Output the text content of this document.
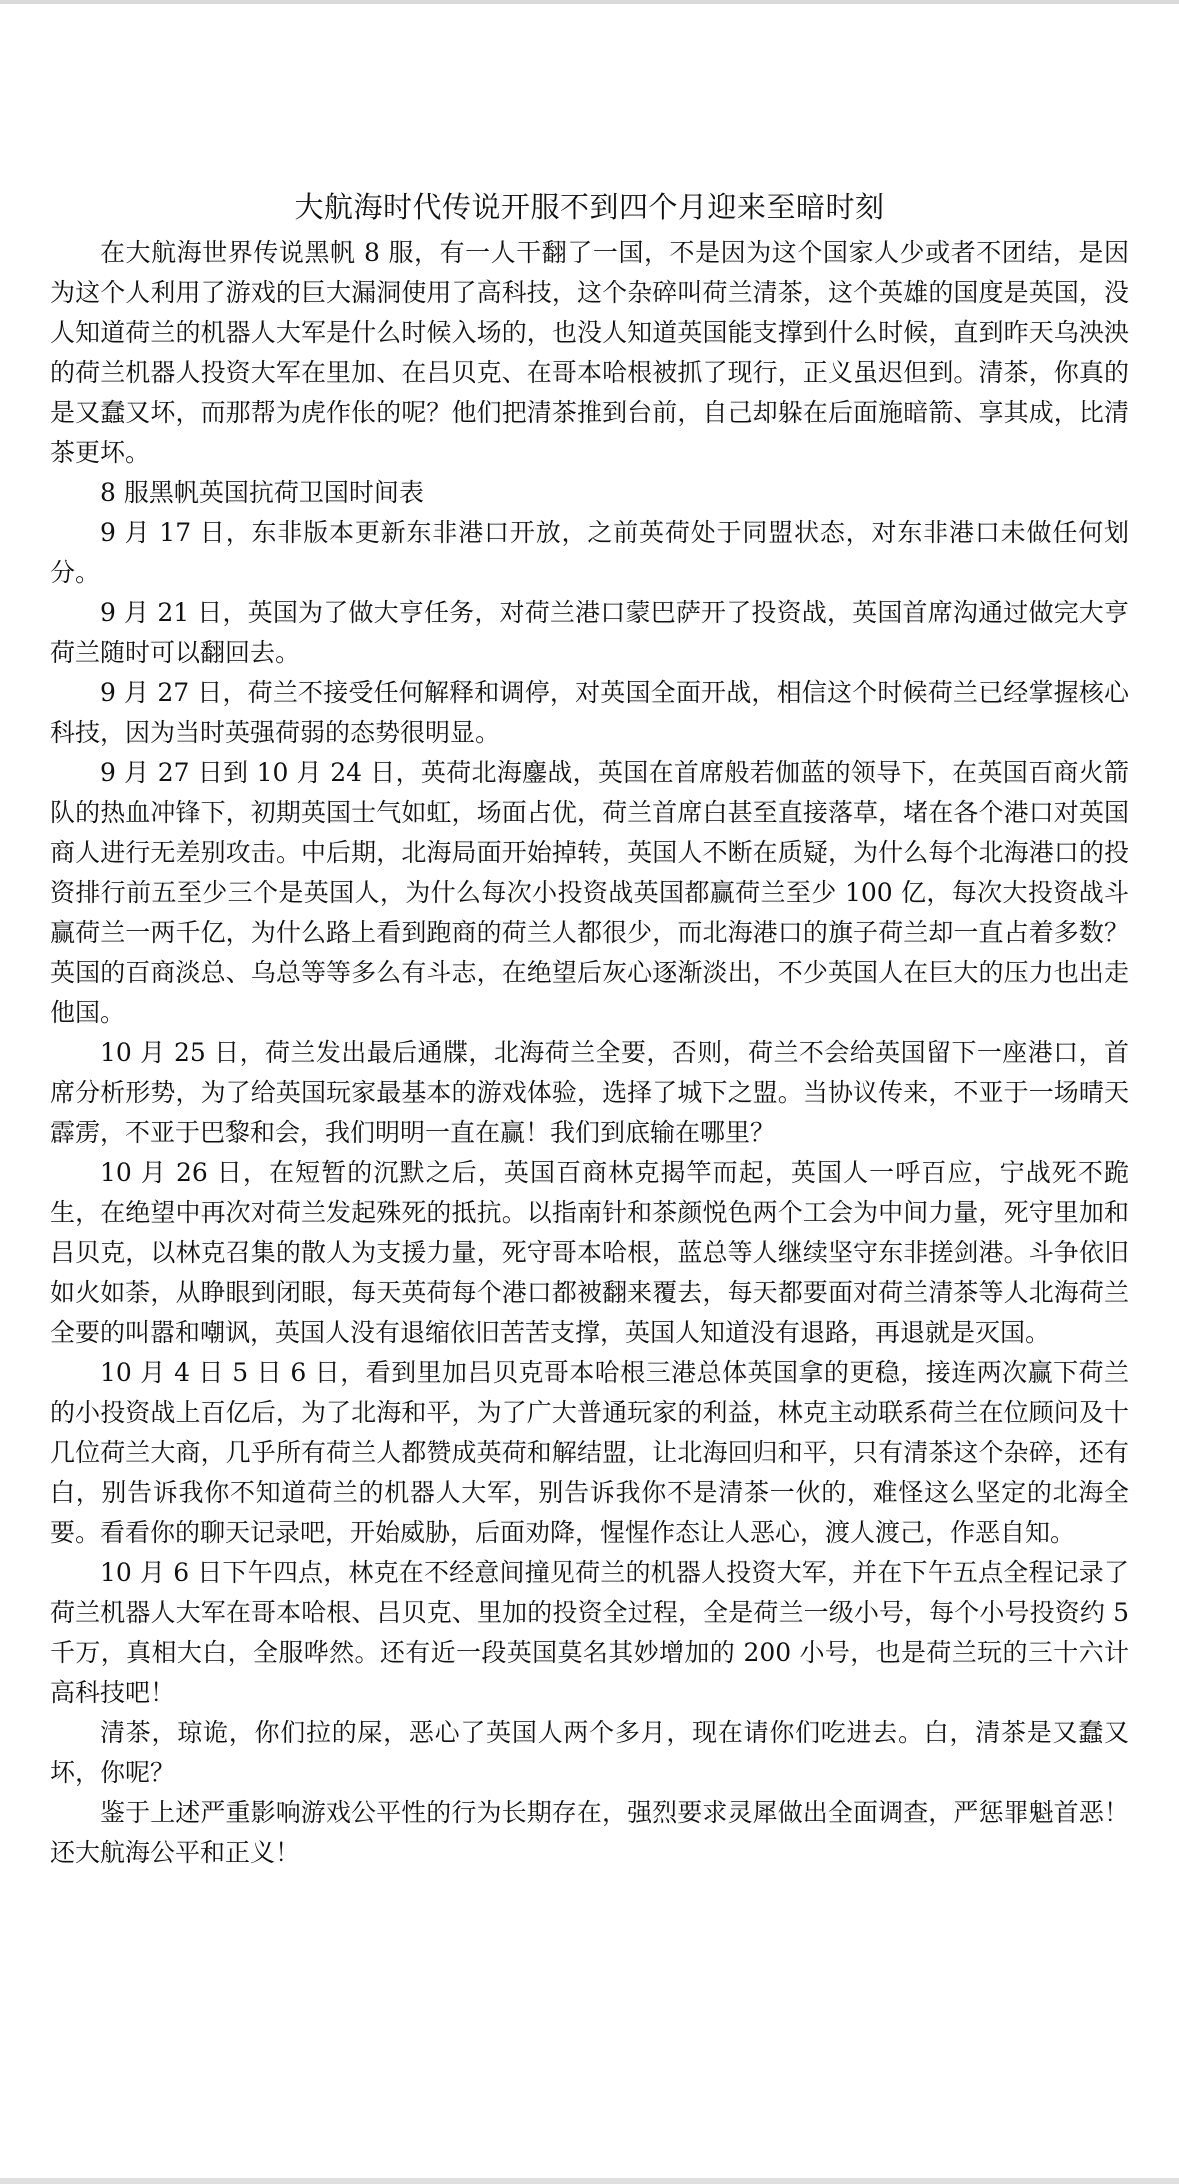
大航海时代传说开服不到四个月迎来至暗时刻

在大航海世界传说黑帆 8 服，有一人干翻了一国，不是因为这个国家人少或者不团结，是因为这个人利用了游戏的巨大漏洞使用了高科技，这个杂碎叫荷兰清茶，这个英雄的国度是英国，没人知道荷兰的机器人大军是什么时候入场的，也没人知道英国能支撑到什么时候，直到昨天乌泱泱的荷兰机器人投资大军在里加、在吕贝克、在哥本哈根被抓了现行，正义虽迟但到。清茶，你真的是又蠢又坏，而那帮为虎作伥的呢？他们把清茶推到台前，自己却躲在后面施暗箭、享其成，比清茶更坏。

8 服黑帆英国抗荷卫国时间表

9 月 17 日，东非版本更新东非港口开放，之前英荷处于同盟状态，对东非港口未做任何划分。

9 月 21 日，英国为了做大亨任务，对荷兰港口蒙巴萨开了投资战，英国首席沟通过做完大亨荷兰随时可以翻回去。

9 月 27 日，荷兰不接受任何解释和调停，对英国全面开战，相信这个时候荷兰已经掌握核心科技，因为当时英强荷弱的态势很明显。

9 月 27 日到 10 月 24 日，英荷北海鏖战，英国在首席般若伽蓝的领导下，在英国百商火箭队的热血冲锋下，初期英国士气如虹，场面占优，荷兰首席白甚至直接落草，堵在各个港口对英国商人进行无差别攻击。中后期，北海局面开始掉转，英国人不断在质疑，为什么每个北海港口的投资排行前五至少三个是英国人，为什么每次小投资战英国都赢荷兰至少 100 亿，每次大投资战斗赢荷兰一两千亿，为什么路上看到跑商的荷兰人都很少，而北海港口的旗子荷兰却一直占着多数？英国的百商淡总、乌总等等多么有斗志，在绝望后灰心逐渐淡出，不少英国人在巨大的压力也出走他国。

10 月 25 日，荷兰发出最后通牒，北海荷兰全要，否则，荷兰不会给英国留下一座港口，首席分析形势，为了给英国玩家最基本的游戏体验，选择了城下之盟。当协议传来，不亚于一场晴天霹雳，不亚于巴黎和会，我们明明一直在赢！我们到底输在哪里？

10 月 26 日，在短暂的沉默之后，英国百商林克揭竿而起，英国人一呼百应，宁战死不跪生，在绝望中再次对荷兰发起殊死的抵抗。以指南针和茶颜悦色两个工会为中间力量，死守里加和吕贝克，以林克召集的散人为支援力量，死守哥本哈根，蓝总等人继续坚守东非搓剑港。斗争依旧如火如荼，从睁眼到闭眼，每天英荷每个港口都被翻来覆去，每天都要面对荷兰清茶等人北海荷兰全要的叫嚣和嘲讽，英国人没有退缩依旧苦苦支撑，英国人知道没有退路，再退就是灭国。

10 月 4 日 5 日 6 日，看到里加吕贝克哥本哈根三港总体英国拿的更稳，接连两次赢下荷兰的小投资战上百亿后，为了北海和平，为了广大普通玩家的利益，林克主动联系荷兰在位顾问及十几位荷兰大商，几乎所有荷兰人都赞成英荷和解结盟，让北海回归和平，只有清茶这个杂碎，还有白，别告诉我你不知道荷兰的机器人大军，别告诉我你不是清茶一伙的，难怪这么坚定的北海全要。看看你的聊天记录吧，开始威胁，后面劝降，惺惺作态让人恶心，渡人渡己，作恶自知。

10 月 6 日下午四点，林克在不经意间撞见荷兰的机器人投资大军，并在下午五点全程记录了荷兰机器人大军在哥本哈根、吕贝克、里加的投资全过程，全是荷兰一级小号，每个小号投资约 5 千万，真相大白，全服哗然。还有近一段英国莫名其妙增加的 200 小号，也是荷兰玩的三十六计高科技吧！

清茶，琼诡，你们拉的屎，恶心了英国人两个多月，现在请你们吃进去。白，清茶是又蠢又坏，你呢？

鉴于上述严重影响游戏公平性的行为长期存在，强烈要求灵犀做出全面调查，严惩罪魁首恶！还大航海公平和正义！
